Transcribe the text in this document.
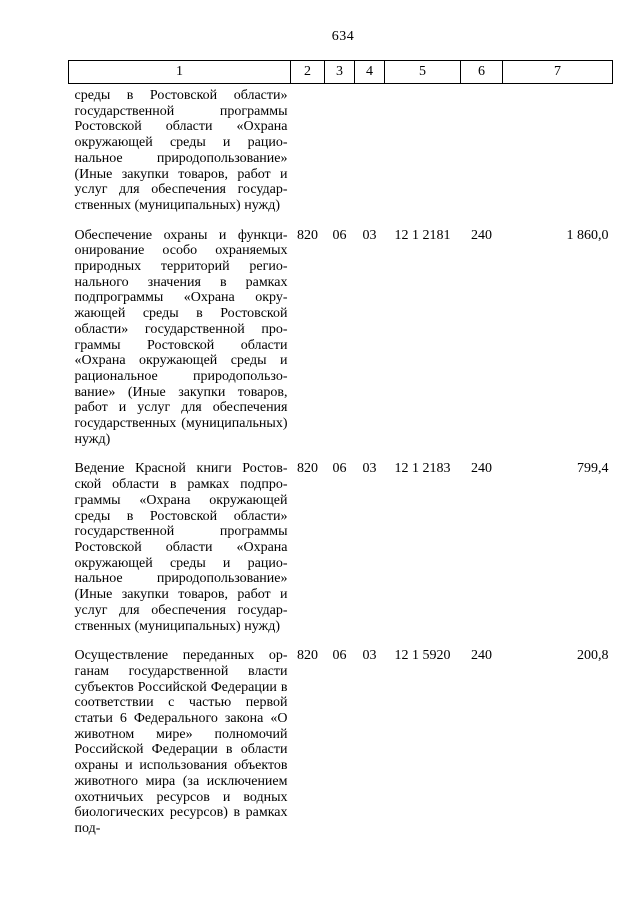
634
1	2	3	4	5	6	7
среды в Ростовской области» государственной программы Ростовской области «Охрана окружающей среды и рациональное природопользование» (Иные закупки товаров, работ и услуг для обеспечения государственных (муниципальных) нужд)						
Обеспечение охраны и функционирование особо охраняемых природных территорий регионального значения в рамках подпрограммы «Охрана окружающей среды в Ростовской области» государственной программы Ростовской области «Охрана окружающей среды и рациональное природопользование» (Иные закупки товаров, работ и услуг для обеспечения государственных (муниципальных) нужд)	820	06	03	12 1 2181	240	1 860,0
Ведение Красной книги Ростовской области в рамках подпрограммы «Охрана окружающей среды в Ростовской области» государственной программы Ростовской области «Охрана окружающей среды и рациональное природопользование» (Иные закупки товаров, работ и услуг для обеспечения государственных (муниципальных) нужд)	820	06	03	12 1 2183	240	799,4
Осуществление переданных органам государственной власти субъектов Российской Федерации в соответствии с частью первой статьи 6 Федерального закона «О животном мире» полномочий Российской Федерации в области охраны и использования объектов животного мира (за исключением охотничьих ресурсов и водных биологических ресурсов) в рамках под-	820	06	03	12 1 5920	240	200,8
